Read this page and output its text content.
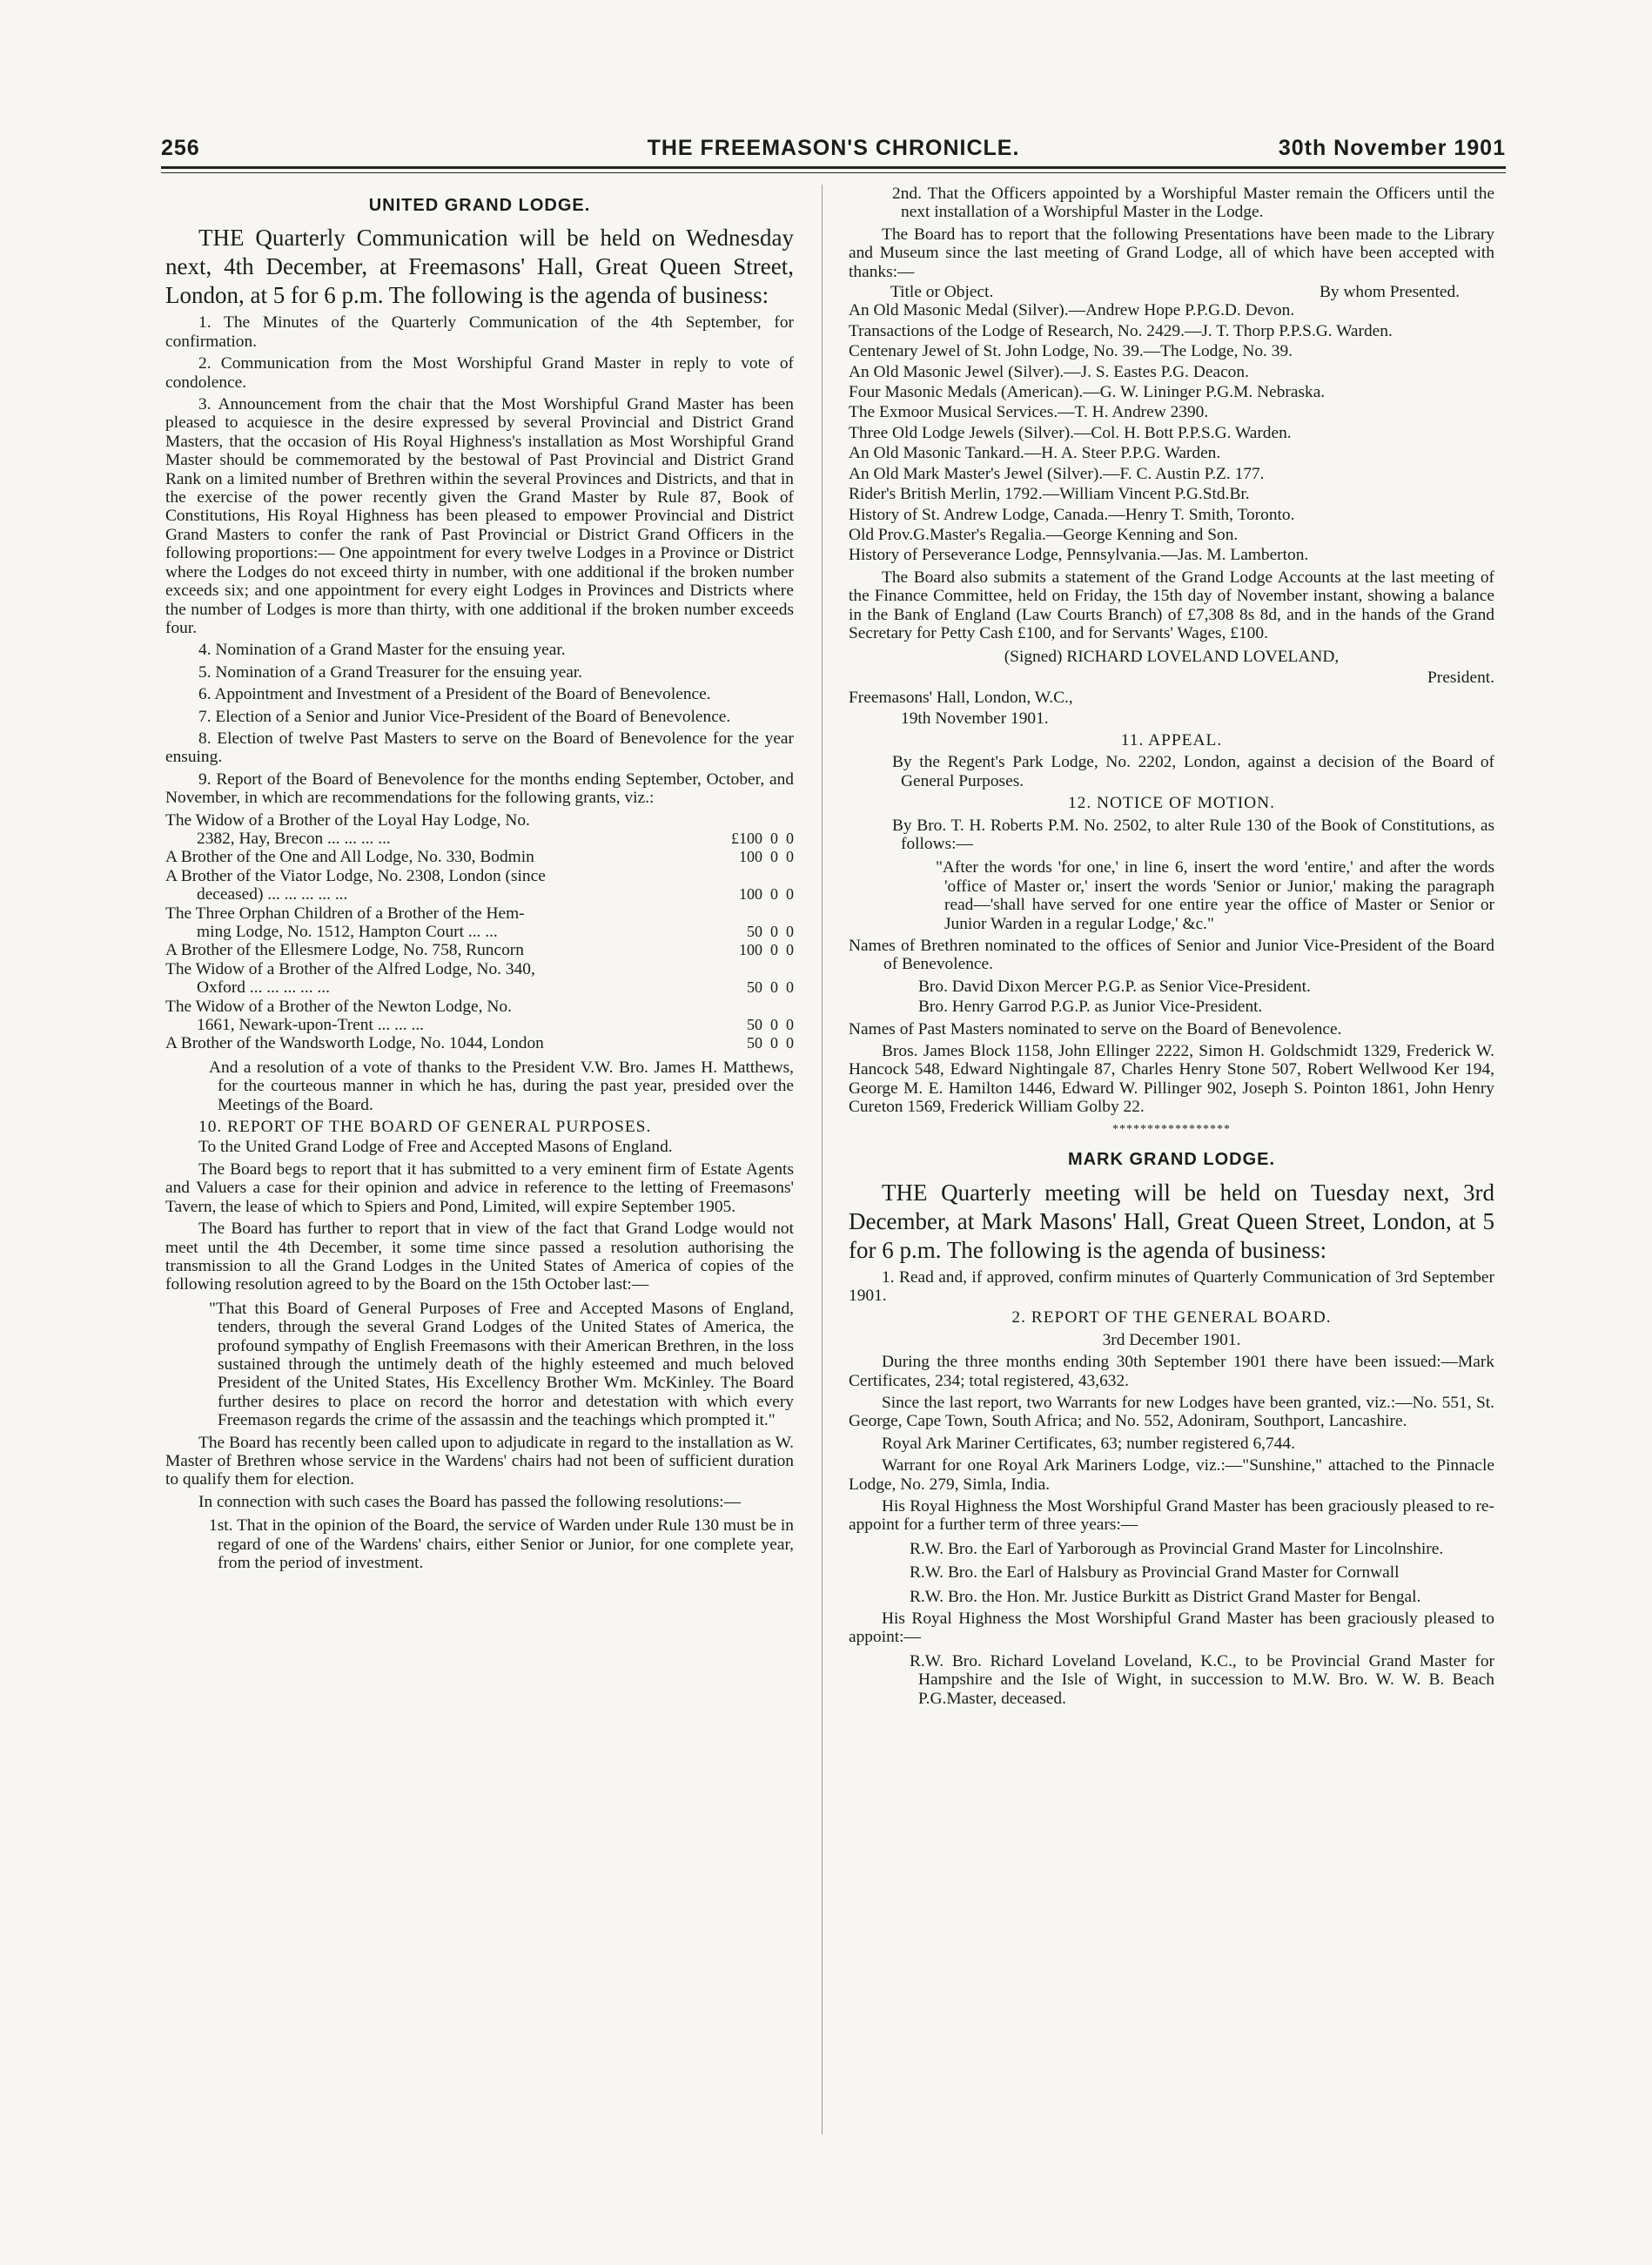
256	THE FREEMASON'S CHRONICLE.	30th November 1901
UNITED GRAND LODGE.

THE Quarterly Communication will be held on Wednesday next, 4th December, at Freemasons' Hall, Great Queen Street, London, at 5 for 6 p.m. The following is the agenda of business:

1. The Minutes of the Quarterly Communication of the 4th September, for confirmation.

2. Communication from the Most Worshipful Grand Master in reply to vote of condolence.

3. Announcement from the chair that the Most Worshipful Grand Master has been pleased to acquiesce in the desire expressed by several Provincial and District Grand Masters, that the occasion of His Royal Highness's installation as Most Worshipful Grand Master should be commemorated by the bestowal of Past Provincial and District Grand Rank on a limited number of Brethren within the several Provinces and Districts, and that in the exercise of the power recently given the Grand Master by Rule 87, Book of Constitutions, His Royal Highness has been pleased to empower Provincial and District Grand Masters to confer the rank of Past Provincial or District Grand Officers in the following proportions:— One appointment for every twelve Lodges in a Province or District where the Lodges do not exceed thirty in number, with one additional if the broken number exceeds six; and one appointment for every eight Lodges in Provinces and Districts where the number of Lodges is more than thirty, with one additional if the broken number exceeds four.

4. Nomination of a Grand Master for the ensuing year.

5. Nomination of a Grand Treasurer for the ensuing year.

6. Appointment and Investment of a President of the Board of Benevolence.

7. Election of a Senior and Junior Vice-President of the Board of Benevolence.

8. Election of twelve Past Masters to serve on the Board of Benevolence for the year ensuing.

9. Report of the Board of Benevolence for the months ending September, October, and November, in which are recommendations for the following grants, viz.:

The Widow of a Brother of the Loyal Hay Lodge, No.
2382, Hay, Brecon ... ... ... ...	£100  0  0
A Brother of the One and All Lodge, No. 330, Bodmin	100  0  0
A Brother of the Viator Lodge, No. 2308, London (since
deceased) ... ... ... ... ...	100  0  0
The Three Orphan Children of a Brother of the Hem-
ming Lodge, No. 1512, Hampton Court ... ...	50  0  0
A Brother of the Ellesmere Lodge, No. 758, Runcorn	100  0  0
The Widow of a Brother of the Alfred Lodge, No. 340,
Oxford ... ... ... ... ...	50  0  0
The Widow of a Brother of the Newton Lodge, No.
1661, Newark-upon-Trent ... ... ...	50  0  0
A Brother of the Wandsworth Lodge, No. 1044, London	50  0  0

And a resolution of a vote of thanks to the President V.W. Bro. James H. Matthews, for the courteous manner in which he has, during the past year, presided over the Meetings of the Board.

10. REPORT OF THE BOARD OF GENERAL PURPOSES.

To the United Grand Lodge of Free and Accepted Masons of England.

The Board begs to report that it has submitted to a very eminent firm of Estate Agents and Valuers a case for their opinion and advice in reference to the letting of Freemasons' Tavern, the lease of which to Spiers and Pond, Limited, will expire September 1905.

The Board has further to report that in view of the fact that Grand Lodge would not meet until the 4th December, it some time since passed a resolution authorising the transmission to all the Grand Lodges in the United States of America of copies of the following resolution agreed to by the Board on the 15th October last:—

"That this Board of General Purposes of Free and Accepted Masons of England, tenders, through the several Grand Lodges of the United States of America, the profound sympathy of English Freemasons with their American Brethren, in the loss sustained through the untimely death of the highly esteemed and much beloved President of the United States, His Excellency Brother Wm. McKinley. The Board further desires to place on record the horror and detestation with which every Freemason regards the crime of the assassin and the teachings which prompted it."

The Board has recently been called upon to adjudicate in regard to the installation as W. Master of Brethren whose service in the Wardens' chairs had not been of sufficient duration to qualify them for election.

In connection with such cases the Board has passed the following resolutions:—

1st. That in the opinion of the Board, the service of Warden under Rule 130 must be in regard of one of the Wardens' chairs, either Senior or Junior, for one complete year, from the period of investment.

2nd. That the Officers appointed by a Worshipful Master remain the Officers until the next installation of a Worshipful Master in the Lodge.

The Board has to report that the following Presentations have been made to the Library and Museum since the last meeting of Grand Lodge, all of which have been accepted with thanks:—

Title or Object.	By whom Presented.

An Old Masonic Medal (Silver).—Andrew Hope P.P.G.D. Devon.

Transactions of the Lodge of Research, No. 2429.—J. T. Thorp P.P.S.G. Warden.

Centenary Jewel of St. John Lodge, No. 39.—The Lodge, No. 39.

An Old Masonic Jewel (Silver).—J. S. Eastes P.G. Deacon.

Four Masonic Medals (American).—G. W. Lininger P.G.M. Nebraska.

The Exmoor Musical Services.—T. H. Andrew 2390.

Three Old Lodge Jewels (Silver).—Col. H. Bott P.P.S.G. Warden.

An Old Masonic Tankard.—H. A. Steer P.P.G. Warden.

An Old Mark Master's Jewel (Silver).—F. C. Austin P.Z. 177.

Rider's British Merlin, 1792.—William Vincent P.G.Std.Br.

History of St. Andrew Lodge, Canada.—Henry T. Smith, Toronto.

Old Prov.G.Master's Regalia.—George Kenning and Son.

History of Perseverance Lodge, Pennsylvania.—Jas. M. Lamberton.

The Board also submits a statement of the Grand Lodge Accounts at the last meeting of the Finance Committee, held on Friday, the 15th day of November instant, showing a balance in the Bank of England (Law Courts Branch) of £7,308 8s 8d, and in the hands of the Grand Secretary for Petty Cash £100, and for Servants' Wages, £100.

(Signed) RICHARD LOVELAND LOVELAND,

President.

Freemasons' Hall, London, W.C.,

19th November 1901.

11. APPEAL.

By the Regent's Park Lodge, No. 2202, London, against a decision of the Board of General Purposes.

12. NOTICE OF MOTION.

By Bro. T. H. Roberts P.M. No. 2502, to alter Rule 130 of the Book of Constitutions, as follows:—

"After the words 'for one,' in line 6, insert the word 'entire,' and after the words 'office of Master or,' insert the words 'Senior or Junior,' making the paragraph read—'shall have served for one entire year the office of Master or Senior or Junior Warden in a regular Lodge,' &c."

Names of Brethren nominated to the offices of Senior and Junior Vice-President of the Board of Benevolence.

Bro. David Dixon Mercer P.G.P. as Senior Vice-President.

Bro. Henry Garrod P.G.P. as Junior Vice-President.

Names of Past Masters nominated to serve on the Board of Benevolence.

Bros. James Block 1158, John Ellinger 2222, Simon H. Goldschmidt 1329, Frederick W. Hancock 548, Edward Nightingale 87, Charles Henry Stone 507, Robert Wellwood Ker 194, George M. E. Hamilton 1446, Edward W. Pillinger 902, Joseph S. Pointon 1861, John Henry Cureton 1569, Frederick William Golby 22.

*****************
MARK GRAND LODGE.

THE Quarterly meeting will be held on Tuesday next, 3rd December, at Mark Masons' Hall, Great Queen Street, London, at 5 for 6 p.m. The following is the agenda of business:

1. Read and, if approved, confirm minutes of Quarterly Communication of 3rd September 1901.

2. REPORT OF THE GENERAL BOARD.

3rd December 1901.

During the three months ending 30th September 1901 there have been issued:—Mark Certificates, 234; total registered, 43,632.

Since the last report, two Warrants for new Lodges have been granted, viz.:—No. 551, St. George, Cape Town, South Africa; and No. 552, Adoniram, Southport, Lancashire.

Royal Ark Mariner Certificates, 63; number registered 6,744.

Warrant for one Royal Ark Mariners Lodge, viz.:—"Sunshine," attached to the Pinnacle Lodge, No. 279, Simla, India.

His Royal Highness the Most Worshipful Grand Master has been graciously pleased to re-appoint for a further term of three years:—

R.W. Bro. the Earl of Yarborough as Provincial Grand Master for Lincolnshire.

R.W. Bro. the Earl of Halsbury as Provincial Grand Master for Cornwall

R.W. Bro. the Hon. Mr. Justice Burkitt as District Grand Master for Bengal.

His Royal Highness the Most Worshipful Grand Master has been graciously pleased to appoint:—

R.W. Bro. Richard Loveland Loveland, K.C., to be Provincial Grand Master for Hampshire and the Isle of Wight, in succession to M.W. Bro. W. W. B. Beach P.G.Master, deceased.
